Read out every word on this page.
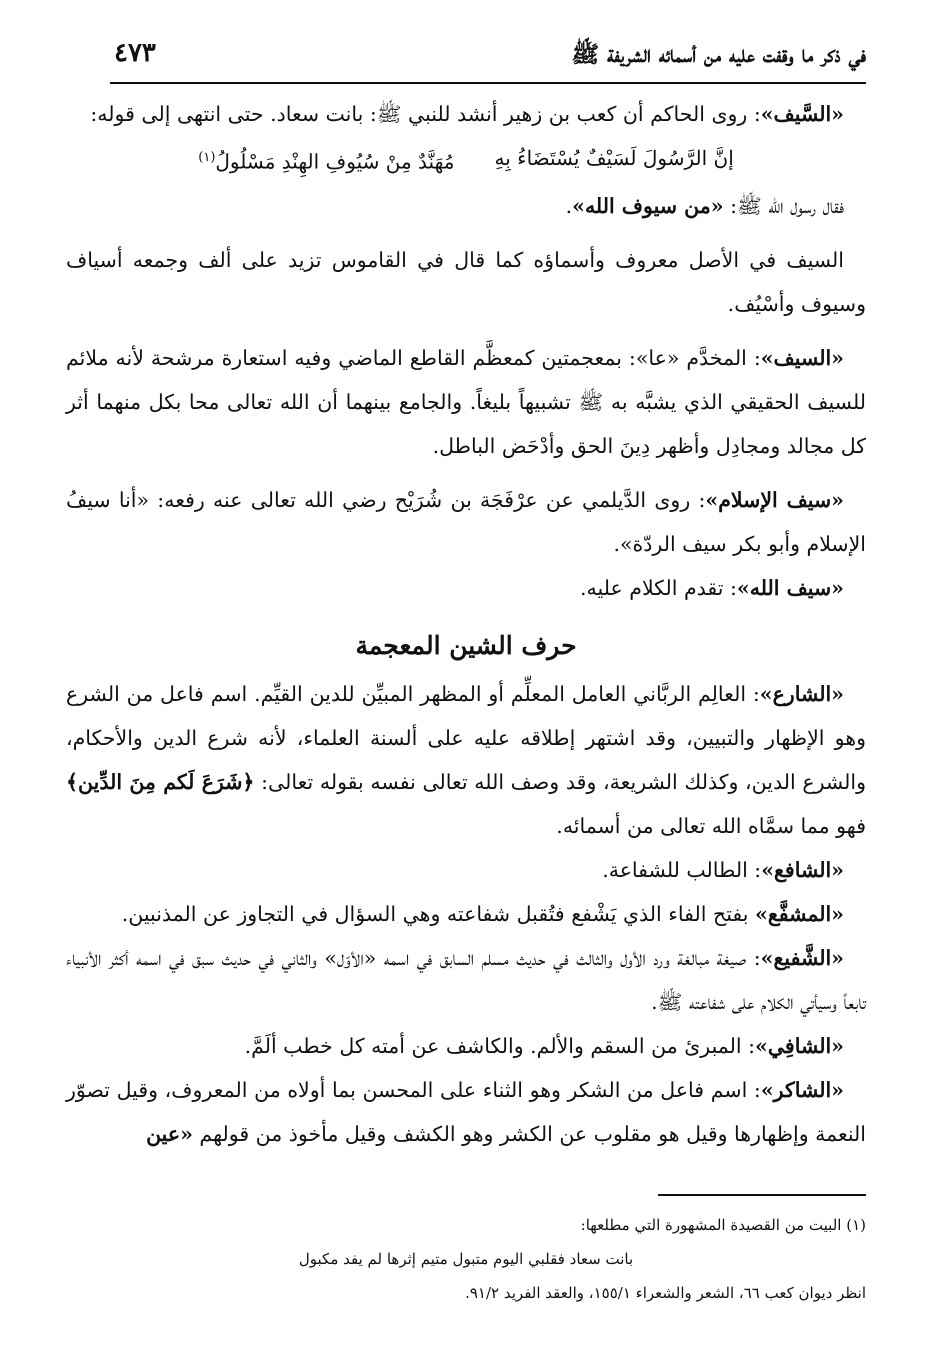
في ذكر ما وقفت عليه من أسمائه الشريفة ﷺ
٤٧٣

«السَّيف»: روى الحاكم أن كعب بن زهير أنشد للنبي ﷺ: بانت سعاد. حتى انتهى إلى قوله:

إنَّ الرَّسُولَ لَسَيْفٌ يُسْتَضَاءُ بِهِ
مُهَنَّدٌ مِنْ سُيُوفِ الهِنْدِ مَسْلُولُ$^{(١)}$

فقال رسول الله ﷺ: «من سيوف الله».

السيف في الأصل معروف وأسماؤه كما قال في القاموس تزيد على ألف وجمعه أسياف وسيوف وأسْيُف.

«السيف»: المخدَّم «عا»: بمعجمتين كمعظَّم القاطع الماضي وفيه استعارة مرشحة لأنه ملائم للسيف الحقيقي الذي يشبَّه به ﷺ تشبيهاً بليغاً. والجامع بينهما أن الله تعالى محا بكل منهما أثر كل مجالد ومجادِل وأظهر دِينَ الحق وأدْحَض الباطل.

«سيف الإسلام»: روى الدَّيلمي عن عرْفَجَة بن شُرَيْح رضي الله تعالى عنه رفعه: «أنا سيفُ الإسلام وأبو بكر سيف الردّة».

«سيف الله»: تقدم الكلام عليه.

حرف الشين المعجمة

«الشارع»: العالِم الربَّاني العامل المعلِّم أو المظهر المبيِّن للدين القيِّم. اسم فاعل من الشرع وهو الإظهار والتبيين، وقد اشتهر إطلاقه عليه على ألسنة العلماء، لأنه شرع الدين والأحكام، والشرع الدين، وكذلك الشريعة، وقد وصف الله تعالى نفسه بقوله تعالى: ﴿شَرَعَ لَكم مِنَ الدِّين﴾ فهو مما سمَّاه الله تعالى من أسمائه.

«الشافع»: الطالب للشفاعة.

«المشفَّع» بفتح الفاء الذي يَشْفع فتُقبل شفاعته وهي السؤال في التجاوز عن المذنبين.

«الشَّفيع»: صيغة مبالغة ورد الأول والثالث في حديث مسلم السابق في اسمه «الأوّل» والثاني في حديث سبق في اسمه أكثر الأنبياء تابعاً وسيأتي الكلام على شفاعته ﷺ.

«الشافِي»: المبرئ من السقم والألم. والكاشف عن أمته كل خطب ألَمَّ.

«الشاكر»: اسم فاعل من الشكر وهو الثناء على المحسن بما أولاه من المعروف، وقيل تصوّر النعمة وإظهارها وقيل هو مقلوب عن الكشر وهو الكشف وقيل مأخوذ من قولهم «عين

(١) البيت من القصيدة المشهورة التي مطلعها:

بانت سعاد فقلبي اليوم متبول متيم إثرها لم يفد مكبول

انظر ديوان كعب ٦٦، الشعر والشعراء ١٥٥/١، والعقد الفريد ٩١/٢.
